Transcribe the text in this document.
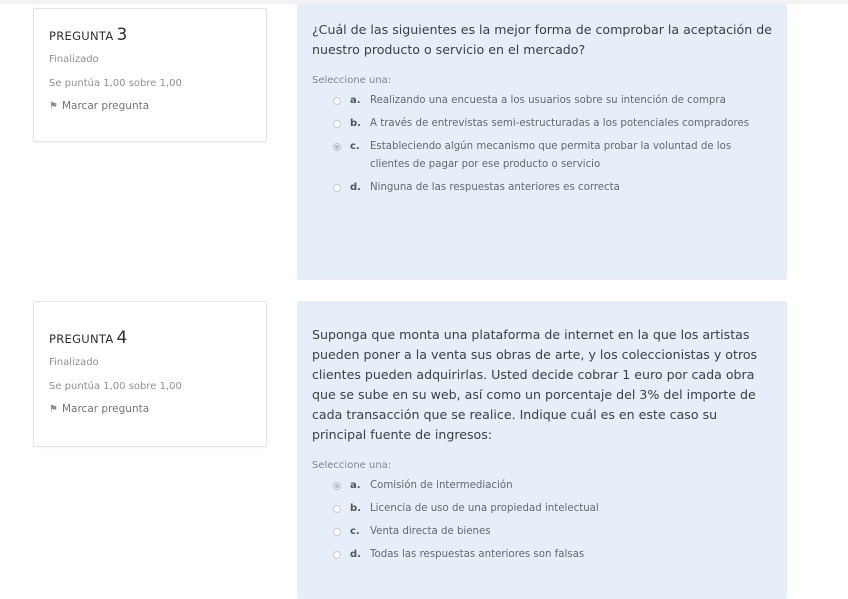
PREGUNTA 3

Finalizado
Se puntúa 1,00 sobre 1,00
⚑ Marcar pregunta

¿Cuál de las siguientes es la mejor forma de comprobar la aceptación de nuestro producto o servicio en el mercado?

Seleccione una:
a. Realizando una encuesta a los usuarios sobre su intención de compra
b. A través de entrevistas semi-estructuradas a los potenciales compradores
c.	Estableciendo algún mecanismo que permita probar la voluntad de los clientes de pagar por ese producto o servicio
d. Ninguna de las respuestas anteriores es correcta

PREGUNTA 4

Finalizado
Se puntúa 1,00 sobre 1,00
⚑ Marcar pregunta

Suponga que monta una plataforma de internet en la que los artistas pueden poner a la venta sus obras de arte, y los coleccionistas y otros clientes pueden adquirirlas. Usted decide cobrar 1 euro por cada obra que se sube en su web, así como un porcentaje del 3% del importe de cada transacción que se realice. Indique cuál es en este caso su principal fuente de ingresos:

Seleccione una:
a. Comisión de intermediación
b. Licencia de uso de una propiedad intelectual
c.	Venta directa de bienes
d. Todas las respuestas anteriores son falsas
